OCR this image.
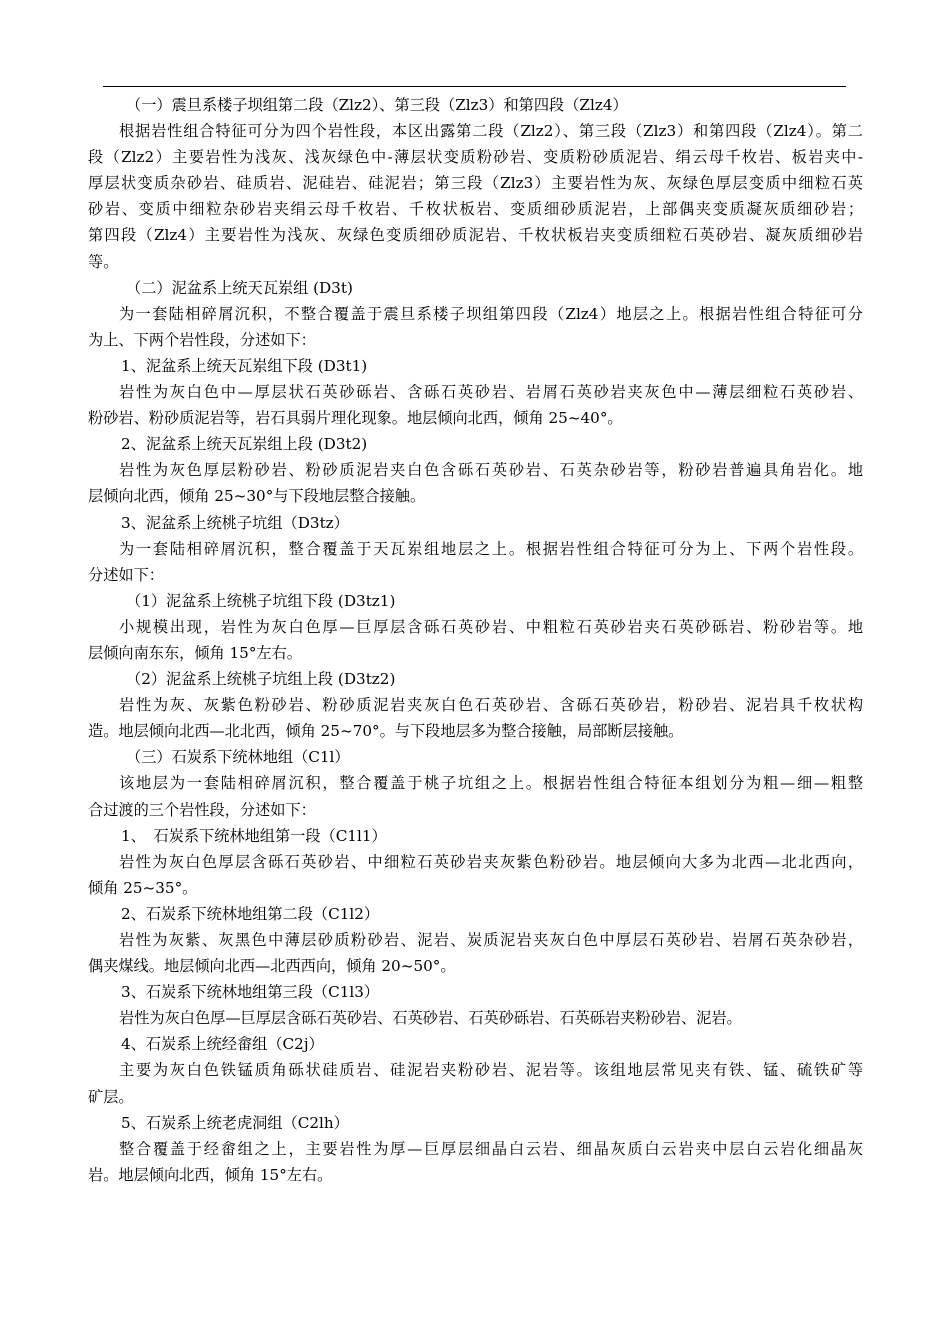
（一）震旦系楼子坝组第二段（Zlz2）、第三段（Zlz3）和第四段（Zlz4）
根据岩性组合特征可分为四个岩性段，本区出露第二段（Zlz2）、第三段（Zlz3）和第四段（Zlz4）。第二
段（Zlz2）主要岩性为浅灰、浅灰绿色中-薄层状变质粉砂岩、变质粉砂质泥岩、绢云母千枚岩、板岩夹中-
厚层状变质杂砂岩、硅质岩、泥硅岩、硅泥岩；第三段（Zlz3）主要岩性为灰、灰绿色厚层变质中细粒石英
砂岩、变质中细粒杂砂岩夹绢云母千枚岩、千枚状板岩、变质细砂质泥岩，上部偶夹变质凝灰质细砂岩；
第四段（Zlz4）主要岩性为浅灰、灰绿色变质细砂质泥岩、千枚状板岩夹变质细粒石英砂岩、凝灰质细砂岩
等。
（二）泥盆系上统天瓦岽组 (D3t)
为一套陆相碎屑沉积，不整合覆盖于震旦系楼子坝组第四段（Zlz4）地层之上。根据岩性组合特征可分
为上、下两个岩性段，分述如下：
1、泥盆系上统天瓦岽组下段 (D3t1)
岩性为灰白色中—厚层状石英砂砾岩、含砾石英砂岩、岩屑石英砂岩夹灰色中—薄层细粒石英砂岩、
粉砂岩、粉砂质泥岩等，岩石具弱片理化现象。地层倾向北西，倾角 25~40°。
2、泥盆系上统天瓦岽组上段 (D3t2)
岩性为灰色厚层粉砂岩、粉砂质泥岩夹白色含砾石英砂岩、石英杂砂岩等，粉砂岩普遍具角岩化。地
层倾向北西，倾角 25~30°与下段地层整合接触。
3、泥盆系上统桃子坑组（D3tz）
为一套陆相碎屑沉积，整合覆盖于天瓦岽组地层之上。根据岩性组合特征可分为上、下两个岩性段。
分述如下：
（1）泥盆系上统桃子坑组下段 (D3tz1)
小规模出现，岩性为灰白色厚—巨厚层含砾石英砂岩、中粗粒石英砂岩夹石英砂砾岩、粉砂岩等。地
层倾向南东东，倾角 15°左右。
（2）泥盆系上统桃子坑组上段 (D3tz2)
岩性为灰、灰紫色粉砂岩、粉砂质泥岩夹灰白色石英砂岩、含砾石英砂岩，粉砂岩、泥岩具千枚状构
造。地层倾向北西—北北西，倾角 25~70°。与下段地层多为整合接触，局部断层接触。
（三）石炭系下统林地组（C1l）
该地层为一套陆相碎屑沉积，整合覆盖于桃子坑组之上。根据岩性组合特征本组划分为粗—细—粗整
合过渡的三个岩性段，分述如下：
1、　石炭系下统林地组第一段（C1l1）
岩性为灰白色厚层含砾石英砂岩、中细粒石英砂岩夹灰紫色粉砂岩。地层倾向大多为北西—北北西向，
倾角 25~35°。
2、石炭系下统林地组第二段（C1l2）
岩性为灰紫、灰黑色中薄层砂质粉砂岩、泥岩、炭质泥岩夹灰白色中厚层石英砂岩、岩屑石英杂砂岩，
偶夹煤线。地层倾向北西—北西西向，倾角 20~50°。
3、石炭系下统林地组第三段（C1l3）
岩性为灰白色厚—巨厚层含砾石英砂岩、石英砂岩、石英砂砾岩、石英砾岩夹粉砂岩、泥岩。
4、石炭系上统经畲组（C2j）
主要为灰白色铁锰质角砾状硅质岩、硅泥岩夹粉砂岩、泥岩等。该组地层常见夹有铁、锰、硫铁矿等
矿层。
5、石炭系上统老虎洞组（C2lh）
整合覆盖于经畲组之上，主要岩性为厚—巨厚层细晶白云岩、细晶灰质白云岩夹中层白云岩化细晶灰
岩。地层倾向北西，倾角 15°左右。
